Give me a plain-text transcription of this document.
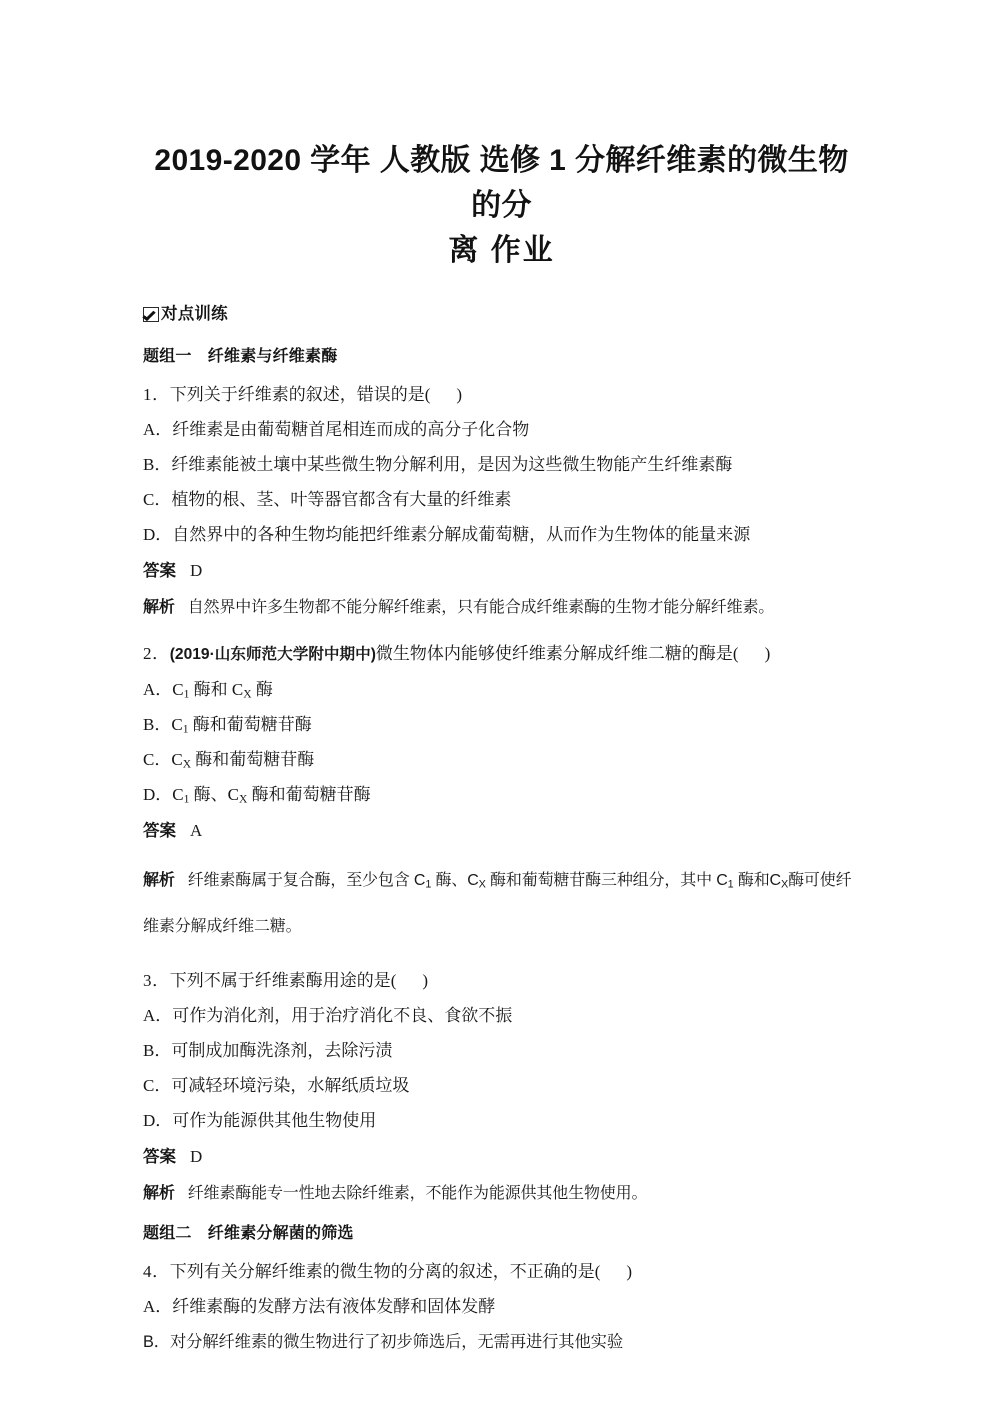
2019-2020 学年 人教版 选修 1 分解纤维素的微生物的分
离 作业
对点训练
题组一　纤维素与纤维素酶
1．下列关于纤维素的叙述，错误的是( )
A．纤维素是由葡萄糖首尾相连而成的高分子化合物
B．纤维素能被土壤中某些微生物分解利用，是因为这些微生物能产生纤维素酶
C．植物的根、茎、叶等器官都含有大量的纤维素
D．自然界中的各种生物均能把纤维素分解成葡萄糖，从而作为生物体的能量来源
答案 D
解析 自然界中许多生物都不能分解纤维素，只有能合成纤维素酶的生物才能分解纤维素。
2．(2019·山东师范大学附中期中)微生物体内能够使纤维素分解成纤维二糖的酶是( )
A．$C_1$ 酶和 $C_X$ 酶
B．$C_1$ 酶和葡萄糖苷酶
C．$C_X$ 酶和葡萄糖苷酶
D．$C_1$ 酶、$C_X$ 酶和葡萄糖苷酶
答案 A
解析 纤维素酶属于复合酶，至少包含 $C_1$ 酶、$C_X$ 酶和葡萄糖苷酶三种组分，其中 $C_1$ 酶和$C_X$酶可使纤维素分解成纤维二糖。
3．下列不属于纤维素酶用途的是( )
A．可作为消化剂，用于治疗消化不良、食欲不振
B．可制成加酶洗涤剂，去除污渍
C．可减轻环境污染，水解纸质垃圾
D．可作为能源供其他生物使用
答案 D
解析 纤维素酶能专一性地去除纤维素，不能作为能源供其他生物使用。
题组二　纤维素分解菌的筛选
4．下列有关分解纤维素的微生物的分离的叙述，不正确的是( )
A．纤维素酶的发酵方法有液体发酵和固体发酵
B．对分解纤维素的微生物进行了初步筛选后，无需再进行其他实验
